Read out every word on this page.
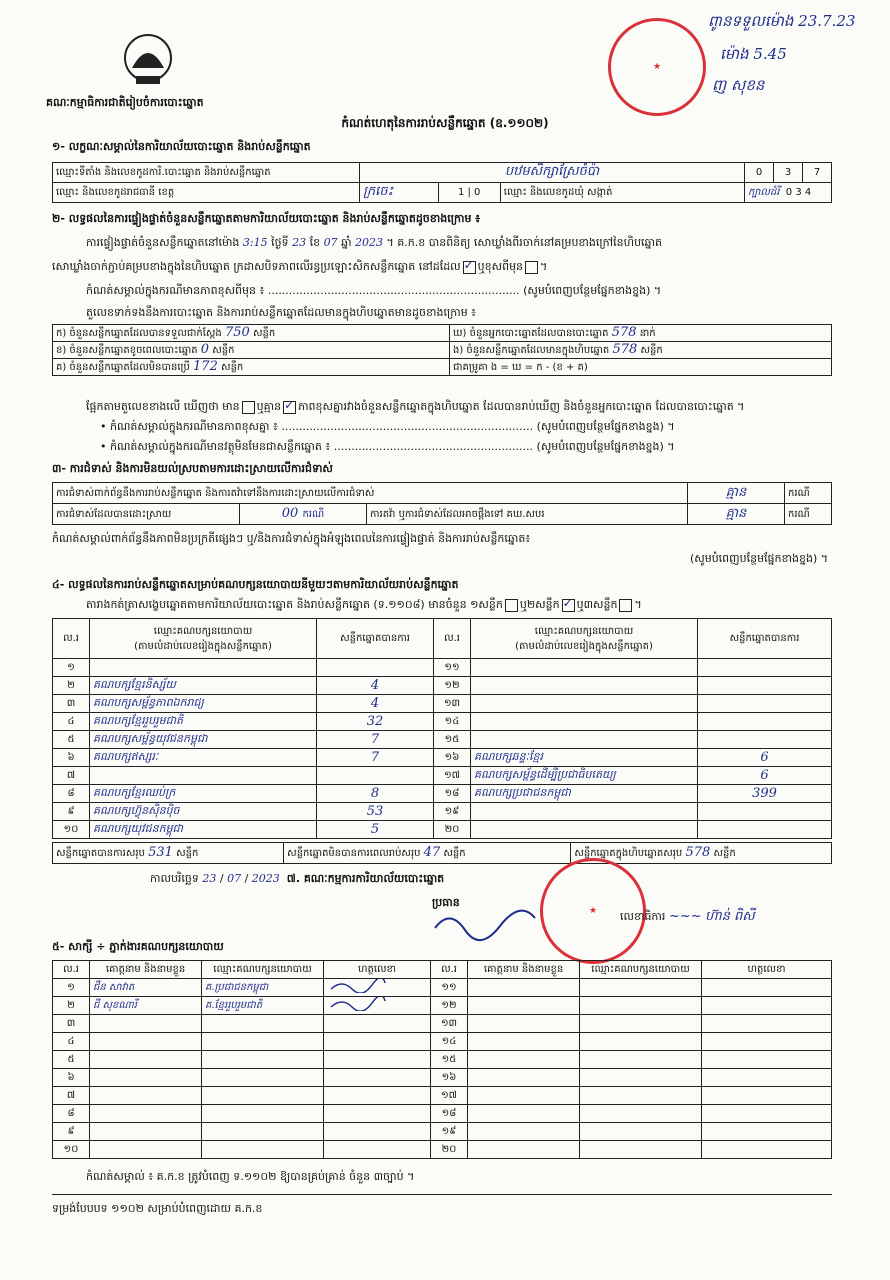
គណៈកម្មាធិការជាតិរៀបចំការបោះឆ្នោត
★
ពូានទទួលម៉ោង 23.7.23
ម៉ោង 5.45
ញ សុខន
កំណត់ហេតុនៃការរាប់សន្លឹកឆ្នោត (ឧ.១១០២)
១- លក្ខណៈសម្គាល់នៃការិយាល័យបោះឆ្នោត និងរាប់សន្លឹកឆ្នោត
ឈ្មោះទីតាំង និងលេខកូដការិ.បោះឆ្នោត និងរាប់សន្លឹកឆ្នោត	បឋមសិក្សាស្រែចំប៉ា			0	3	7
ឈ្មោះ និងលេខកូដរាជធានី ខេត្ត	ក្រចេះ	1 | 0	ឈ្មោះ និងលេខកូដឃុំ សង្កាត់	ក្បាលដំរី 0 3 4		
២- លទ្ធផលនៃការផ្ទៀងផ្ទាត់ចំនួនសន្លឹកឆ្នោតតាមការិយាល័យបោះឆ្នោត និងរាប់សន្លឹកឆ្នោតដូចខាងក្រោម ៖
ការផ្ទៀងផ្ទាត់ចំនួនសន្លឹកឆ្នោតនៅម៉ោង 3:15 ថ្ងៃទី 23 ខែ 07 ឆ្នាំ 2023 ។ គ.ក.ខ បានពិនិត្យ សោឃ្លាំងពីរចាក់នៅគម្របខាងក្រៅនៃហិបឆ្នោត
សោឃ្លាំងចាក់ភ្ជាប់គម្របខាងក្នុងនៃហិបឆ្នោត ក្រដាសបិទភាពលើរន្ធប្រឡោះសិកសន្លឹកឆ្នោត នៅដដែល ✓ ឬខុសពីមុន ។
កំណត់សម្គាល់ក្នុងករណីមានភាពខុសពីមុន ៖ ........................................................................ (សូមបំពេញបន្ថែមផ្នែកខាងខ្នង) ។
តួលេខទាក់ទងនឹងការបោះឆ្នោត និងការរាប់សន្លឹកឆ្នោតដែលមានក្នុងហិបឆ្នោតមានដូចខាងក្រោម ៖
ក) ចំនួនសន្លឹកឆ្នោតដែលបានទទួលជាក់ស្តែង 750 សន្លឹក	ឃ) ចំនួនអ្នកបោះឆ្នោតដែលបានបោះឆ្នោត 578 នាក់
ខ) ចំនួនសន្លឹកឆ្នោតខូចពេលបោះឆ្នោត 0 សន្លឹក	ង) ចំនួនសន្លឹកឆ្នោតដែលមានក្នុងហិបឆ្នោត 578 សន្លឹក
គ) ចំនួនសន្លឹកឆ្នោតដែលមិនបានប្រើ 172 សន្លឹក	ជាគម្រូគា ង = ឃ = ក - (ខ + គ)
ផ្អែកតាមតួលេខខាងលើ ឃើញថា មាន ឬគ្មាន ✓ ភាពខុសគ្នារវាងចំនួនសន្លឹកឆ្នោតក្នុងហិបឆ្នោត ដែលបានរាប់ឃើញ និងចំនួនអ្នកបោះឆ្នោត ដែលបានបោះឆ្នោត ។
• កំណត់សម្គាល់ក្នុងករណីមានភាពខុសគ្នា ៖ ........................................................................ (សូមបំពេញបន្ថែមផ្នែកខាងខ្នង) ។
• កំណត់សម្គាល់ក្នុងករណីមានវត្ថុមិនមែនជាសន្លឹកឆ្នោត ៖ ......................................................... (សូមបំពេញបន្ថែមផ្នែកខាងខ្នង) ។
៣- ការជំទាស់ និងការមិនយល់ស្របតាមការដោះស្រាយលើការជំទាស់
ការជំទាស់ពាក់ព័ន្ធនឹងការរាប់សន្លឹកឆ្នោត និងការតវ៉ាទៅនឹងការដោះស្រាយលើការជំទាស់			គ្មាន	ករណី
ការជំទាស់ដែលបានដោះស្រាយ	00 ករណី	ការតវ៉ា ឬការជំទាស់ដែលអាចផ្តឹងទៅ គឃ.សបរ	គ្មាន	ករណី
កំណត់សម្គាល់ពាក់ព័ន្ធនឹងភាពមិនប្រក្រតីផ្សេងៗ ឬ/និងការជំទាស់ក្នុងអំឡុងពេលនៃការផ្ទៀងផ្ទាត់ និងការរាប់សន្លឹកឆ្នោត៖
(សូមបំពេញបន្ថែមផ្នែកខាងខ្នង) ។
៤- លទ្ធផលនៃការរាប់សន្លឹកឆ្នោតសម្រាប់គណបក្សនយោបាយនីមួយៗតាមការិយាល័យរាប់សន្លឹកឆ្នោត
តារាងកត់ត្រាសង្ខេបឆ្នោតតាមការិយាល័យបោះឆ្នោត និងរាប់សន្លឹកឆ្នោត (ទ.១១០៨) មានចំនួន ១សន្លឹក ឬ២សន្លឹក ✓ ឬ៣សន្លឹក ។
ល.រ	ឈ្មោះគណបក្សនយោបាយ
(តាមលំដាប់លេខរៀងក្នុងសន្លឹកឆ្នោត)	សន្លឹកឆ្នោតបានការ	ល.រ	ឈ្មោះគណបក្សនយោបាយ
(តាមលំដាប់លេខរៀងក្នុងសន្លឹកឆ្នោត)	សន្លឹកឆ្នោតបានការ
១			១១		
២	គណបក្សខ្មែរនិស្ស័យ	4	១២		
៣	គណបក្សសម្ព័ន្ធភាពឯករាជ្យ	4	១៣		
៤	គណបក្សខ្មែររួបរួមជាតិ	32	១៤		
៥	គណបក្សសម្ព័ន្ធយុវជនកម្ពុជា	7	១៥		
៦	គណបក្សឥស្សរៈ	7	១៦	គណបក្សឆន្ទៈខ្មែរ	6
៧			១៧	គណបក្សសម្ព័ន្ធដើម្បីប្រជាធិបតេយ្យ	6
៨	គណបក្សខ្មែរឈប់ក្រ	8	១៨	គណបក្សប្រជាជនកម្ពុជា	399
៩	គណបក្សហ៊្វុនស៊ិនប៉ិច	53	១៩		
១០	គណបក្សយុវជនកម្ពុជា	5	២០		
សន្លឹកឆ្នោតបានការសរុប 531 សន្លឹក	សន្លឹកឆ្នោតមិនបានការពេលរាប់សរុប 47 សន្លឹក	សន្លឹកឆ្នោតក្នុងហិបឆ្នោតសរុប 578 សន្លឹក
កាលបរិច្ឆេទ 23 / 07 / 2023 ៧. គណៈកម្មការការិយាល័យបោះឆ្នោត
★
ប្រធាន
លេខាធិការ ~~~ ហ៊ាន់ ពិសី
៥- សាក្សី ÷ ភ្នាក់ងារគណបក្សនយោបាយ
ល.រ	គោត្តនាម និងនាមខ្លួន	ឈ្មោះគណបក្សនយោបាយ	ហត្ថលេខា	ល.រ	គោត្តនាម និងនាមខ្លួន	ឈ្មោះគណបក្សនយោបាយ	ហត្ថលេខា
១	ជឹន សាវាត	គ.ប្រជាជនកម្ពុជា		១១			
២	ជី សុខណារី	គ.ខ្មែររួបរួមជាតិ		១២			
៣				១៣			
៤				១៤			
៥				១៥			
៦				១៦			
៧				១៧			
៨				១៨			
៩				១៩			
១០				២០			
កំណត់សម្គាល់ ៖ គ.ក.ខ ត្រូវបំពេញ ទ.១១០២ ឱ្យបានគ្រប់គ្រាន់ ចំនួន ៣ច្បាប់ ។
ទម្រង់បែបបទ ១១០២ សម្រាប់បំពេញដោយ គ.ក.ខ
